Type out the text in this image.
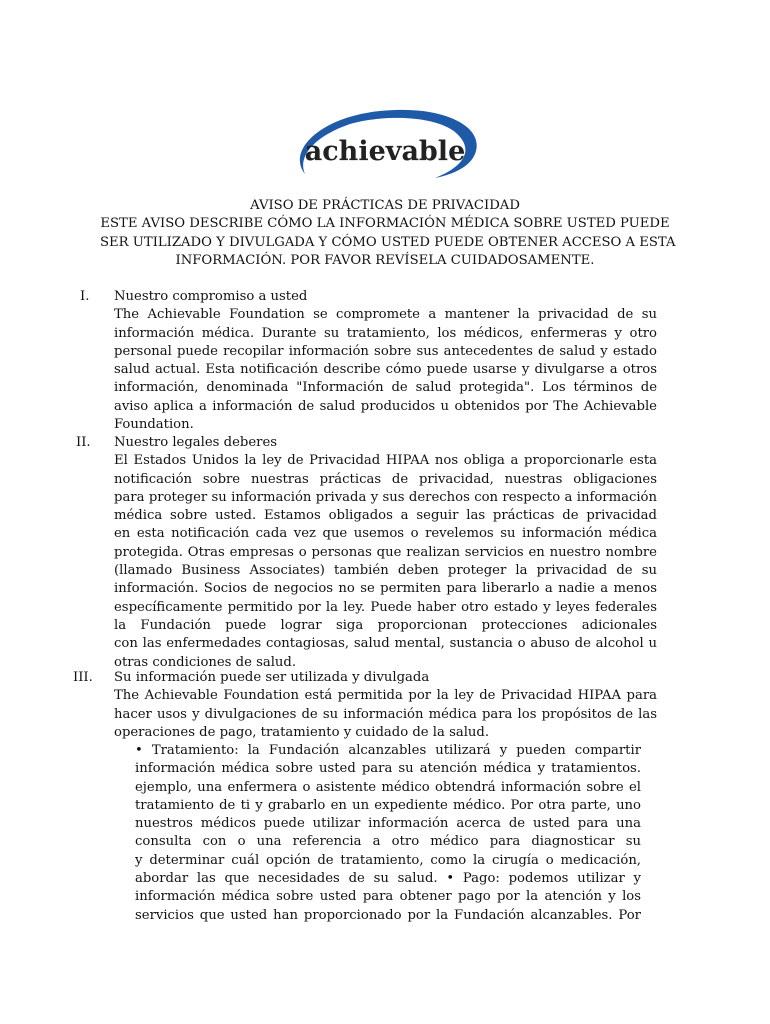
achievable
AVISO DE PRÁCTICAS DE PRIVACIDAD
ESTE AVISO DESCRIBE CÓMO LA INFORMACIÓN MÉDICA SOBRE USTED PUEDE
SER UTILIZADO Y DIVULGADA Y CÓMO USTED PUEDE OBTENER ACCESO A ESTA
INFORMACIÓN. POR FAVOR REVÍSELA CUIDADOSAMENTE.
I. Nuestro compromiso a usted
The Achievable Foundation se compromete a mantener la privacidad de su
información médica. Durante su tratamiento, los médicos, enfermeras y otro
personal puede recopilar información sobre sus antecedentes de salud y estado
salud actual. Esta notificación describe cómo puede usarse y divulgarse a otros
información, denominada "Información de salud protegida". Los términos de
aviso aplica a información de salud producidos u obtenidos por The Achievable
Foundation.
II. Nuestro legales deberes
El Estados Unidos la ley de Privacidad HIPAA nos obliga a proporcionarle esta
notificación sobre nuestras prácticas de privacidad, nuestras obligaciones
para proteger su información privada y sus derechos con respecto a información
médica sobre usted. Estamos obligados a seguir las prácticas de privacidad
en esta notificación cada vez que usemos o revelemos su información médica
protegida. Otras empresas o personas que realizan servicios en nuestro nombre
(llamado Business Associates) también deben proteger la privacidad de su
información. Socios de negocios no se permiten para liberarlo a nadie a menos
específicamente permitido por la ley. Puede haber otro estado y leyes federales
la Fundación puede lograr siga proporcionan protecciones adicionales
con las enfermedades contagiosas, salud mental, sustancia o abuso de alcohol u
otras condiciones de salud.
III. Su información puede ser utilizada y divulgada
The Achievable Foundation está permitida por la ley de Privacidad HIPAA para
hacer usos y divulgaciones de su información médica para los propósitos de las
operaciones de pago, tratamiento y cuidado de la salud.
• Tratamiento: la Fundación alcanzables utilizará y pueden compartir
información médica sobre usted para su atención médica y tratamientos.
ejemplo, una enfermera o asistente médico obtendrá información sobre el
tratamiento de ti y grabarlo en un expediente médico. Por otra parte, uno
nuestros médicos puede utilizar información acerca de usted para una
consulta con o una referencia a otro médico para diagnosticar su
y determinar cuál opción de tratamiento, como la cirugía o medicación,
abordar las que necesidades de su salud. • Pago: podemos utilizar y
información médica sobre usted para obtener pago por la atención y los
servicios que usted han proporcionado por la Fundación alcanzables. Por
